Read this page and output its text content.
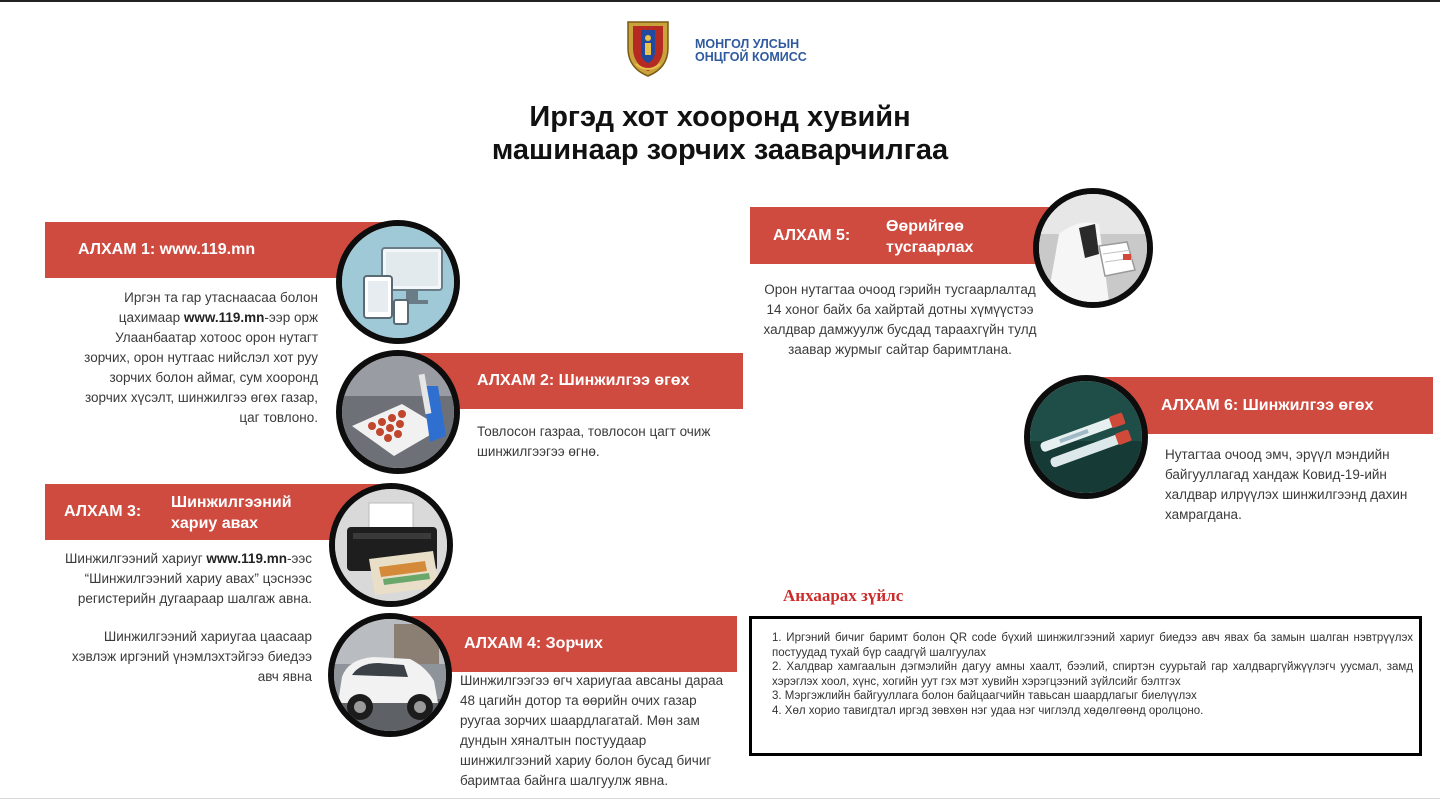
МОНГОЛ УЛСЫН
ОНЦГОЙ КОМИСС
Иргэд хот хооронд хувийн
машинаар зорчих зааварчилгаа
АЛХАМ 1: www.119.mn
Иргэн та гар утаснаасаа болон цахимаар www.119.mn-ээр орж Улаанбаатар хотоос орон нутагт зорчих, орон нутгаас нийслэл хот руу зорчих болон аймаг, сум хооронд зорчих хүсэлт, шинжилгээ өгөх газар, цаг товлоно.
АЛХАМ 2: Шинжилгээ өгөх
Товлосон газраа, товлосон цагт очиж шинжилгээгээ өгнө.
АЛХАМ 3:
Шинжилгээний
хариу авах
Шинжилгээний хариуг www.119.mn-ээс “Шинжилгээний хариу авах” цэснээс регистерийн дугаараар шалгаж авна.
Шинжилгээний хариугаа цаасаар хэвлэж иргэний үнэмлэхтэйгээ биедээ авч явна
АЛХАМ 4: Зорчих
Шинжилгээгээ өгч хариугаа авсаны дараа 48 цагийн дотор та өөрийн очих газар руугаа зорчих шаардлагатай. Мөн зам дундын хяналтын постуудаар шинжилгээний хариу болон бусад бичиг баримтаа байнга шалгуулж явна.
АЛХАМ 5:
Өөрийгөө
тусгаарлах
Орон нутагтаа очоод гэрийн тусгаарлалтад 14 хоног байх ба хайртай дотны хүмүүстээ халдвар дамжуулж бусдад тараахгүйн тулд заавар журмыг сайтар баримтлана.
АЛХАМ 6: Шинжилгээ өгөх
Нутагтаа очоод эмч, эрүүл мэндийн байгууллагад хандаж Ковид-19-ийн халдвар илрүүлэх шинжилгээнд дахин хамрагдана.
Анхаарах зүйлс
1. Иргэний бичиг баримт болон QR code бүхий шинжилгээний хариуг биедээ авч явах ба замын шалган нэвтрүүлэх постуудад тухай бүр саадгүй шалгуулах
2. Халдвар хамгаалын дэгмэлийн дагуу амны хаалт, бээлий, спиртэн суурьтай гар халдваргүйжүүлэгч уусмал, замд хэрэглэх хоол, хүнс, хогийн уут гэх мэт хувийн хэрэгцээний зүйлсийг бэлтгэх
3. Мэргэжлийн байгууллага болон байцаагчийн тавьсан шаардлагыг биелүүлэх
4. Хөл хорио тавигдтал иргэд зөвхөн нэг удаа нэг чиглэлд хөдөлгөөнд оролцоно.
